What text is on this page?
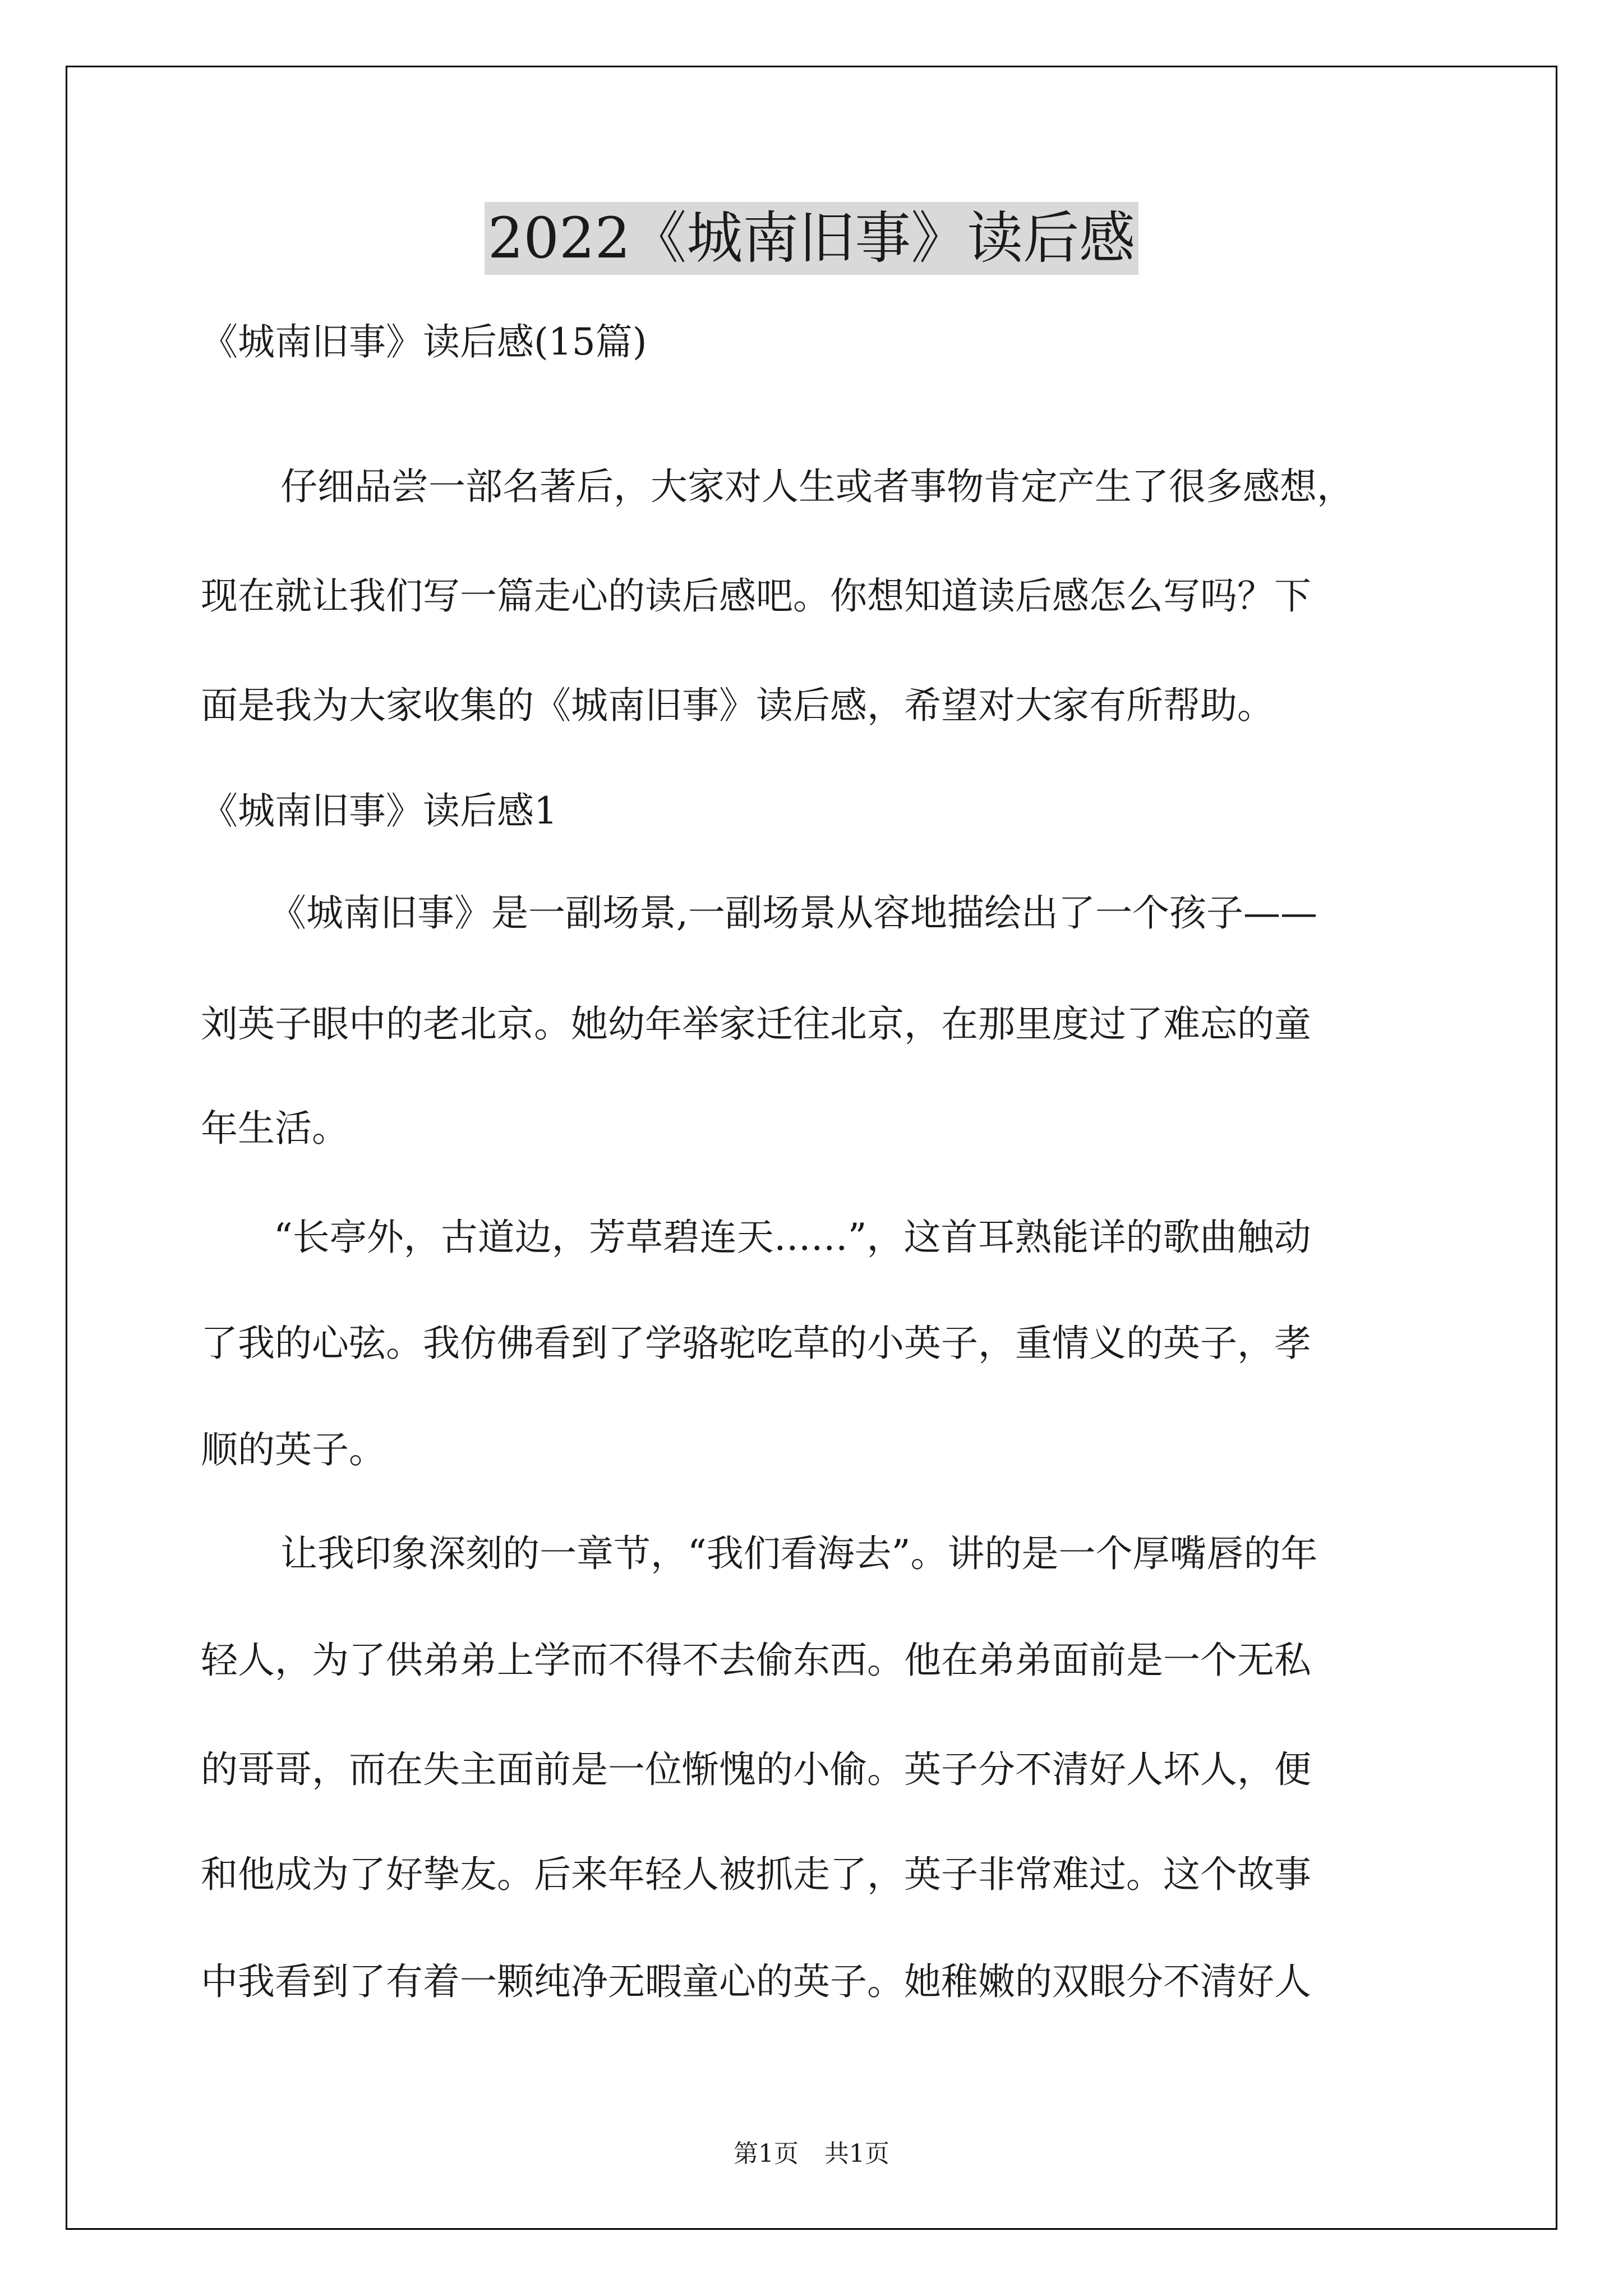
2022《城南旧事》读后感
《城南旧事》读后感(15篇)
仔细品尝一部名著后，大家对人生或者事物肯定产生了很多感想，
现在就让我们写一篇走心的读后感吧。你想知道读后感怎么写吗？下
面是我为大家收集的《城南旧事》读后感，希望对大家有所帮助。
《城南旧事》读后感1
《城南旧事》是一副场景,一副场景从容地描绘出了一个孩子——
刘英子眼中的老北京。她幼年举家迁往北京，在那里度过了难忘的童
年生活。
“长亭外，古道边，芳草碧连天……”，这首耳熟能详的歌曲触动
了我的心弦。我仿佛看到了学骆驼吃草的小英子，重情义的英子，孝
顺的英子。
让我印象深刻的一章节，“我们看海去”。讲的是一个厚嘴唇的年
轻人，为了供弟弟上学而不得不去偷东西。他在弟弟面前是一个无私
的哥哥，而在失主面前是一位惭愧的小偷。英子分不清好人坏人，便
和他成为了好挚友。后来年轻人被抓走了，英子非常难过。这个故事
中我看到了有着一颗纯净无暇童心的英子。她稚嫩的双眼分不清好人
第1页 共1页
